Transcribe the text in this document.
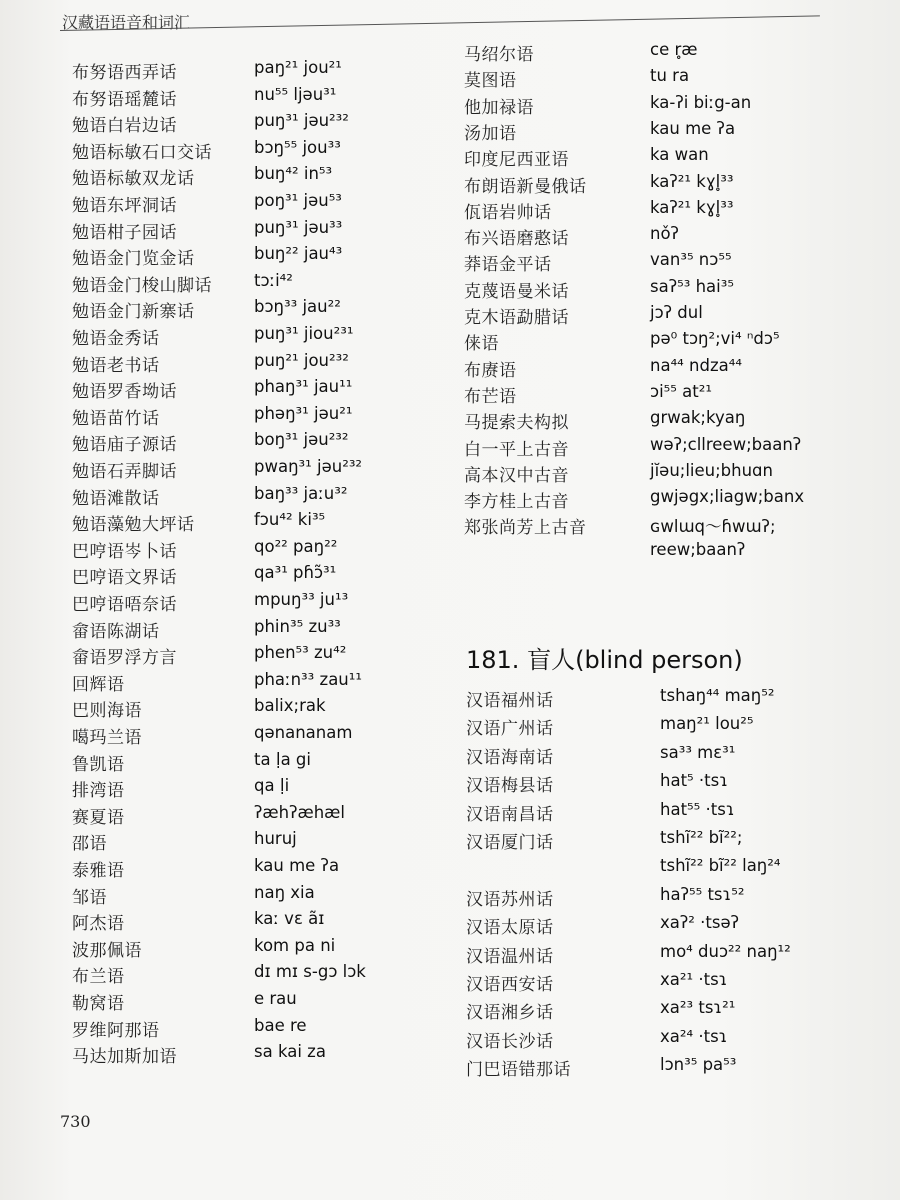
汉藏语语音和词汇
布努语西弄话	paŋ²¹ jou²¹
布努语瑶麓话	nu⁵⁵ ljəu³¹
勉语白岩边话	puŋ³¹ jəu²³²
勉语标敏石口交话	bɔŋ⁵⁵ jou³³
勉语标敏双龙话	buŋ⁴² in⁵³
勉语东坪洞话	poŋ³¹ jəu⁵³
勉语柑子园话	puŋ³¹ jəu³³
勉语金门览金话	buŋ²² jau⁴³
勉语金门梭山脚话	tɔːi⁴²
勉语金门新寨话	bɔŋ³³ jau²²
勉语金秀话	puŋ³¹ jiou²³¹
勉语老书话	puŋ²¹ jou²³²
勉语罗香坳话	phaŋ³¹ jau¹¹
勉语苗竹话	phəŋ³¹ jəu²¹
勉语庙子源话	boŋ³¹ jəu²³²
勉语石弄脚话	pwaŋ³¹ jəu²³²
勉语滩散话	baŋ³³ jaːu³²
勉语藻勉大坪话	fɔu⁴² ki³⁵
巴哼语岑卜话	qo²² paŋ²²
巴哼语文界话	qa³¹ pɦɔ̃³¹
巴哼语唔奈话	mpuŋ³³ ju¹³
畲语陈湖话	phin³⁵ zu³³
畲语罗浮方言	phen⁵³ zu⁴²
回辉语	phaːn³³ zau¹¹
巴则海语	balix;rak
噶玛兰语	qənananam
鲁凯语	ta ḷa gi
排湾语	qa ḷi
赛夏语	ʔæhʔæhæl
邵语	huruj
泰雅语	kau me ʔa
邹语	naŋ xia
阿杰语	kaː vɛ ãɪ
波那佩语	kom pa ni
布兰语	dɪ mɪ s-gɔ lɔk
勒窝语	e rau
罗维阿那语	bae re
马达加斯加语	sa kai za
马绍尔语	ce r̥æ
莫图语	tu ra
他加禄语	ka-ʔi biːg-an
汤加语	kau me ʔa
印度尼西亚语	ka wan
布朗语新曼俄话	kaʔ²¹ kɣl̥³³
佤语岩帅话	kaʔ²¹ kɣl̥³³
布兴语磨憨话	nǒʔ
莽语金平话	van³⁵ nɔ⁵⁵
克蔑语曼米话	saʔ⁵³ hai³⁵
克木语勐腊话	jɔʔ dul
俫语	pə⁰ tɔŋ²;vi⁴ ⁿdɔ⁵
布赓语	na⁴⁴ ndza⁴⁴
布芒语	ɔi⁵⁵ at²¹
马提索夫构拟	grwak;kyaŋ
白一平上古音	wəʔ;cllreew;baanʔ
高本汉中古音	jĭəu;lieu;bhuɑn
李方桂上古音	gwjəgx;liagw;banx
郑张尚芳上古音	ɢwlɯq～ɦwɯʔ;
reew;baanʔ
181. 盲人(blind person)
汉语福州话	tshaŋ⁴⁴ maŋ⁵²
汉语广州话	maŋ²¹ lou²⁵
汉语海南话	sa³³ mɛ³¹
汉语梅县话	hat⁵ ·tsɿ
汉语南昌话	hat⁵⁵ ·tsɿ
汉语厦门话	tshĩ²² bĩ²²;
tshĩ²² bĩ²² laŋ²⁴
汉语苏州话	haʔ⁵⁵ tsɿ⁵²
汉语太原话	xaʔ² ·tsəʔ
汉语温州话	mo⁴ duɔ²² naŋ¹²
汉语西安话	xa²¹ ·tsɿ
汉语湘乡话	xa²³ tsɿ²¹
汉语长沙话	xa²⁴ ·tsɿ
门巴语错那话	lɔn³⁵ pa⁵³
730
